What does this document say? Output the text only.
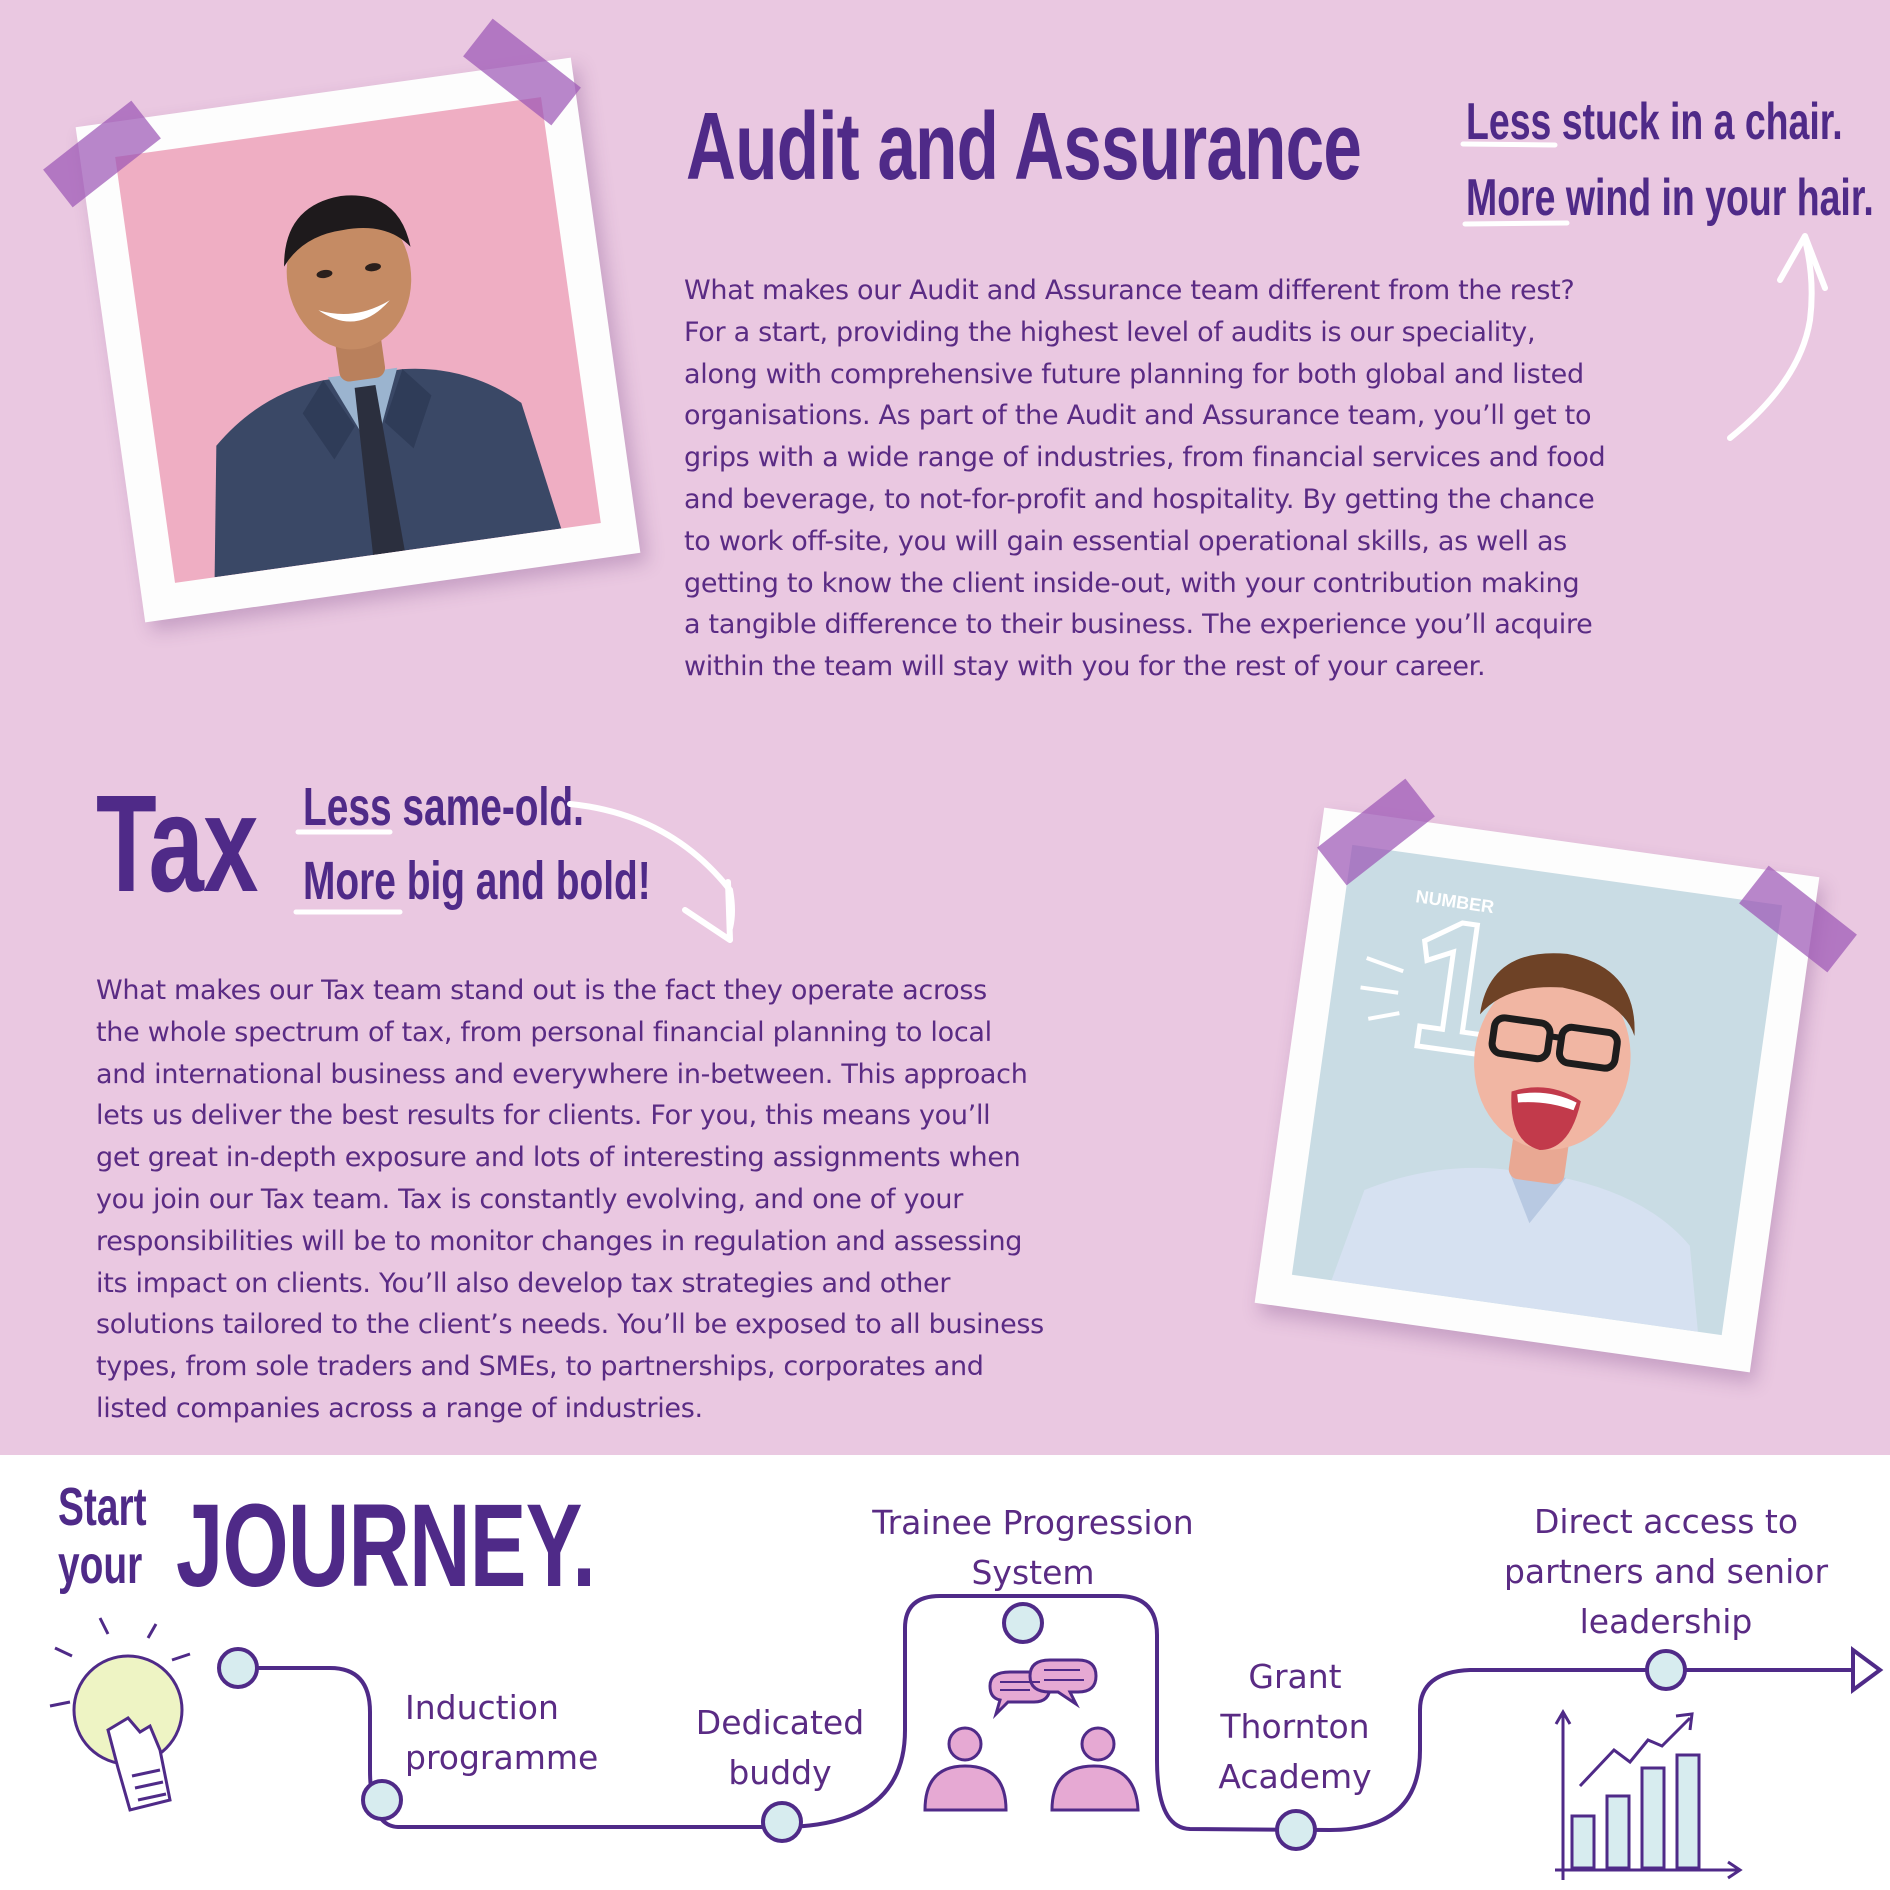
Audit and Assurance Less stuck in a chair.
More wind in your hair.
What makes our Audit and Assurance team different from the rest?
For a start, providing the highest level of audits is our speciality,
along with comprehensive future planning for both global and listed
organisations. As part of the Audit and Assurance team, you’ll get to
grips with a wide range of industries, from financial services and food
and beverage, to not-for-profit and hospitality. By getting the chance
to work off-site, you will gain essential operational skills, as well as
getting to know the client inside-out, with your contribution making
a tangible difference to their business. The experience you’ll acquire
within the team will stay with you for the rest of your career.
Tax Less same-old.
More big and bold!
What makes our Tax team stand out is the fact they operate across
the whole spectrum of tax, from personal financial planning to local
and international business and everywhere in-between. This approach
lets us deliver the best results for clients. For you, this means you’ll
get great in-depth exposure and lots of interesting assignments when
you join our Tax team. Tax is constantly evolving, and one of your
responsibilities will be to monitor changes in regulation and assessing
its impact on clients. You’ll also develop tax strategies and other
solutions tailored to the client’s needs. You’ll be exposed to all business
types, from sole traders and SMEs, to partnerships, corporates and
listed companies across a range of industries.
NUMBER
Start
your JOURNEY.
Induction
programme
Dedicated
buddy
Trainee Progression
System
Grant
Thornton
Academy
Direct access to
partners and senior
leadership
